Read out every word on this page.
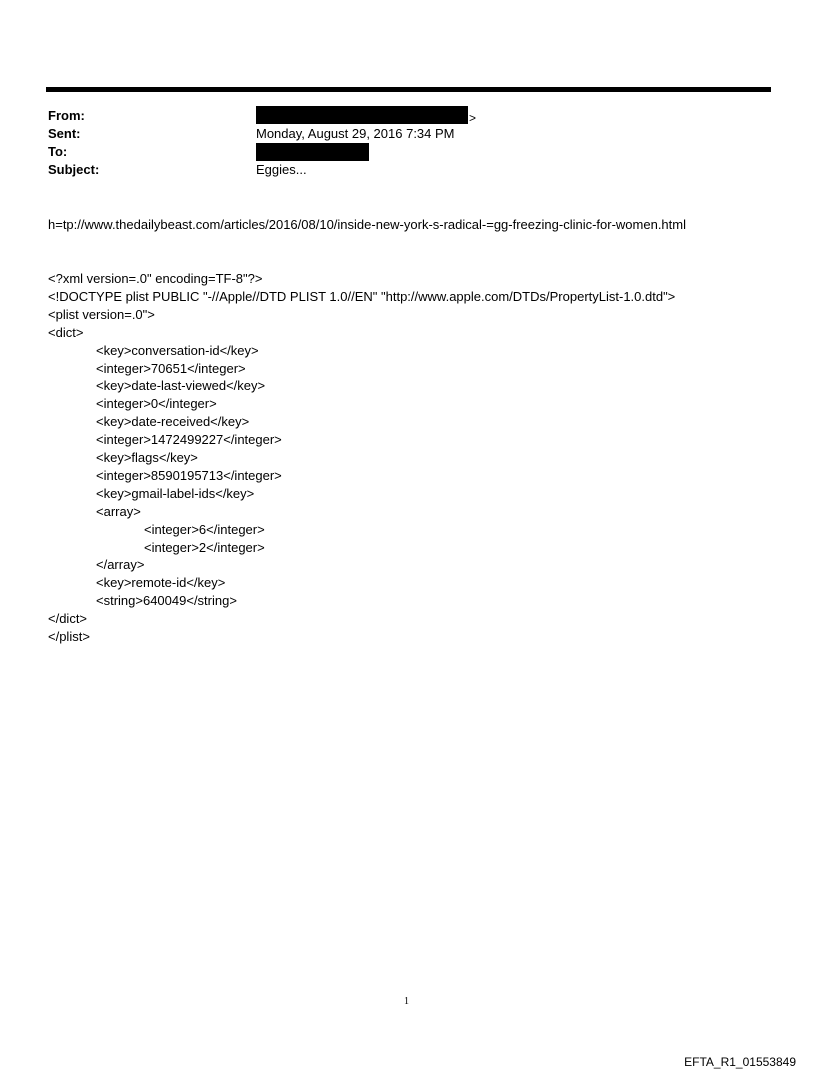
From:	>
Sent:	Monday, August 29, 2016 7:34 PM
To:
Subject:	Eggies...
h=tp://www.thedailybeast.com/articles/2016/08/10/inside-new-york-s-radical-=gg-freezing-clinic-for-women.html
<?xml version=.0" encoding=TF-8"?>
<!DOCTYPE plist PUBLIC "-//Apple//DTD PLIST 1.0//EN" "http://www.apple.com/DTDs/PropertyList-1.0.dtd">
<plist version=.0">
<dict>
<key>conversation-id</key>
<integer>70651</integer>
<key>date-last-viewed</key>
<integer>0</integer>
<key>date-received</key>
<integer>1472499227</integer>
<key>flags</key>
<integer>8590195713</integer>
<key>gmail-label-ids</key>
<array>
<integer>6</integer>
<integer>2</integer>
</array>
<key>remote-id</key>
<string>640049</string>
</dict>
</plist>
1
EFTA_R1_01553849
